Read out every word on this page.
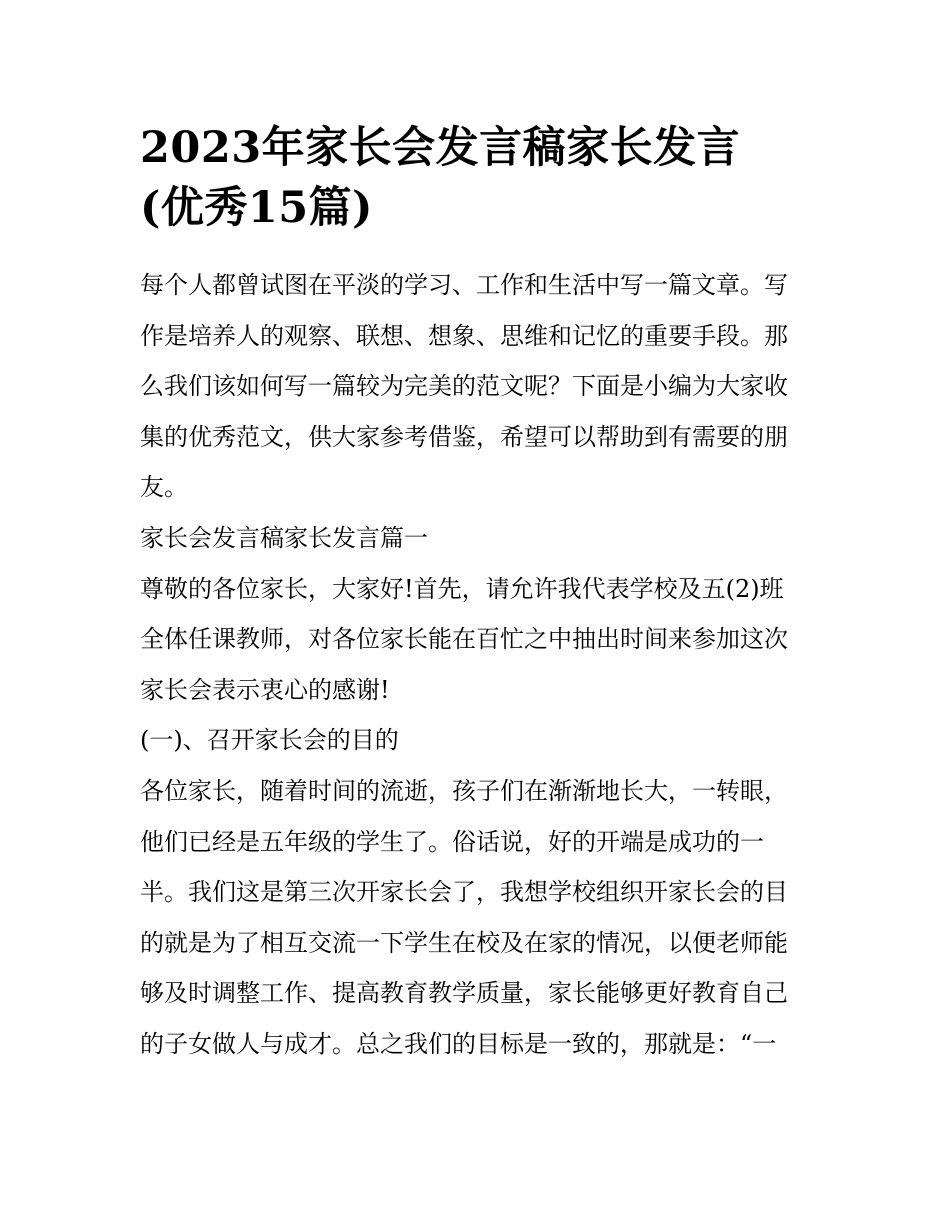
2023年家长会发言稿家长发言
(优秀15篇)

每个人都曾试图在平淡的学习、工作和生活中写一篇文章。写
作是培养人的观察、联想、想象、思维和记忆的重要手段。那
么我们该如何写一篇较为完美的范文呢？下面是小编为大家收
集的优秀范文，供大家参考借鉴，希望可以帮助到有需要的朋
友。

家长会发言稿家长发言篇一

尊敬的各位家长，大家好!首先，请允许我代表学校及五(2)班
全体任课教师，对各位家长能在百忙之中抽出时间来参加这次
家长会表示衷心的感谢!

(一)、召开家长会的目的

各位家长，随着时间的流逝，孩子们在渐渐地长大，一转眼，
他们已经是五年级的学生了。俗话说，好的开端是成功的一
半。我们这是第三次开家长会了，我想学校组织开家长会的目
的就是为了相互交流一下学生在校及在家的情况，以便老师能
够及时调整工作、提高教育教学质量，家长能够更好教育自己
的子女做人与成才。总之我们的目标是一致的，那就是：“一
